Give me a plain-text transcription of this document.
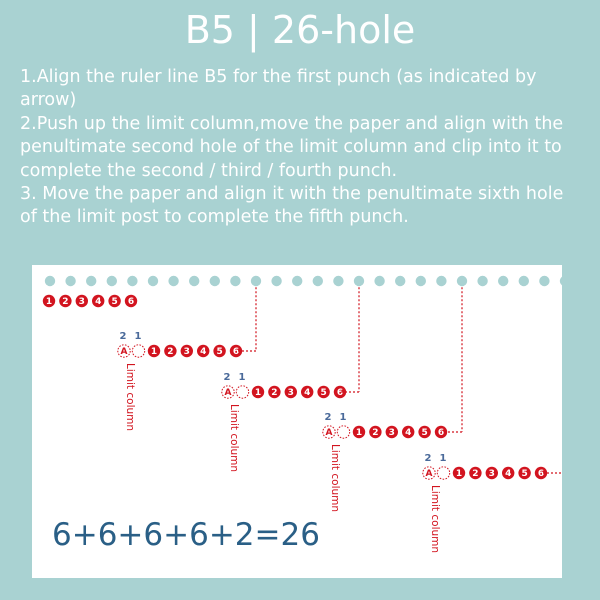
B5 | 26-hole

1.Align the ruler line B5 for the first punch (as indicated by arrow)

2.Push up the limit column,move the paper and align with the penultimate second hole of the limit column and clip into it to complete the second / third / fourth punch.

3. Move the paper and align it with the penultimate sixth hole of the limit post to complete the fifth punch.

1 2 3 4 5 6
2 1
A	1 2 3 4 5 6
Limit column	2 1
A	1 2 3 4 5 6
Limit column	2 1
A	1 2 3 4 5 6
Limit column	2 1
A	1 2 3 4 5 6
Limit column
6+6+6+6+2=26
